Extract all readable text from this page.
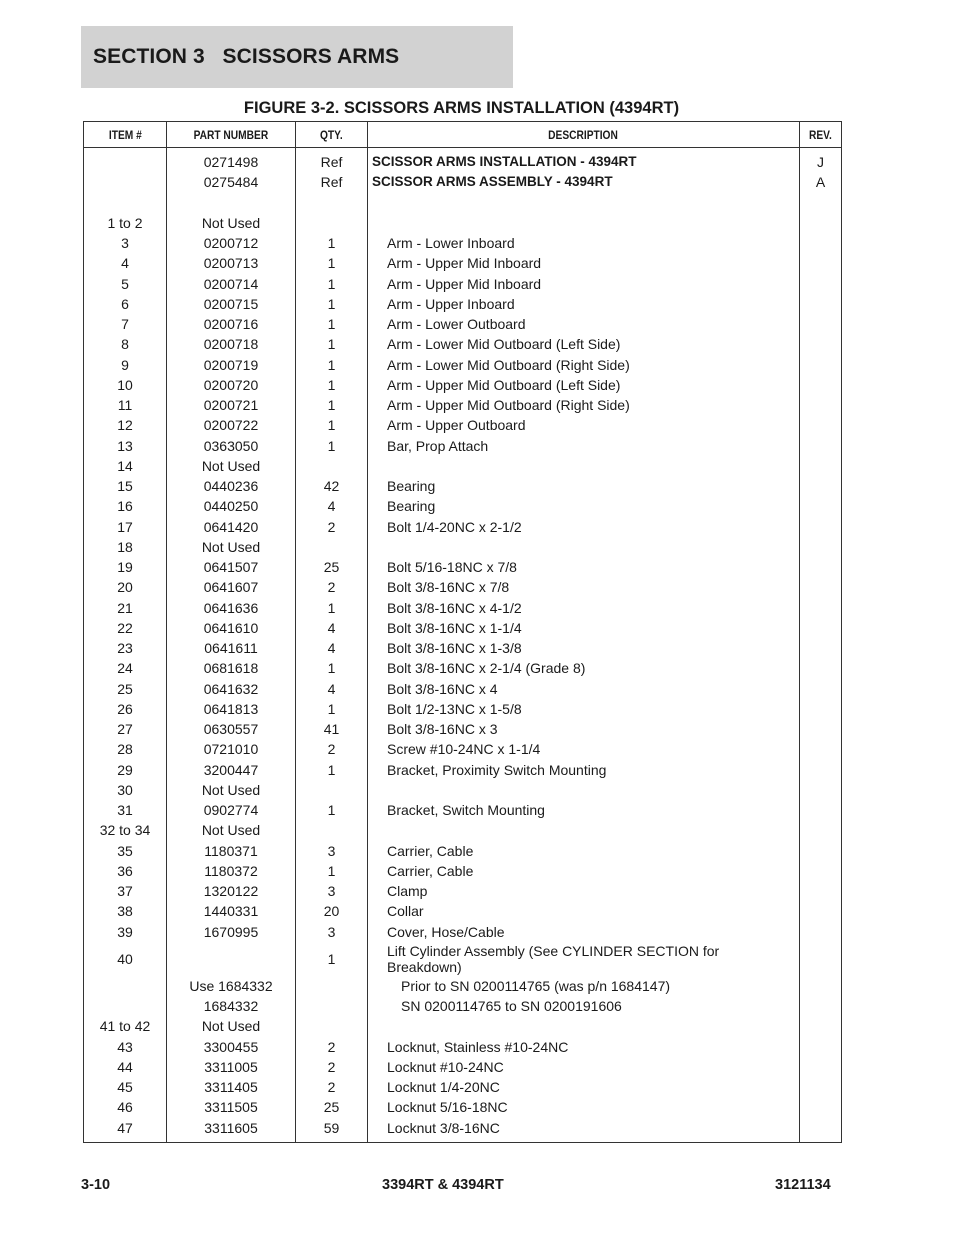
SECTION 3   SCISSORS ARMS
FIGURE 3-2. SCISSORS ARMS INSTALLATION (4394RT)
ITEM #	PART NUMBER	QTY.	DESCRIPTION	REV.
	0271498	Ref	SCISSOR ARMS INSTALLATION - 4394RT	J
	0275484	Ref	SCISSOR ARMS ASSEMBLY - 4394RT	A

1 to 2	Not Used			
3	0200712	1	Arm - Lower Inboard	
4	0200713	1	Arm - Upper Mid Inboard	
5	0200714	1	Arm - Upper Mid Inboard	
6	0200715	1	Arm - Upper Inboard	
7	0200716	1	Arm - Lower Outboard	
8	0200718	1	Arm - Lower Mid Outboard (Left Side)	
9	0200719	1	Arm - Lower Mid Outboard (Right Side)	
10	0200720	1	Arm - Upper Mid Outboard (Left Side)	
11	0200721	1	Arm - Upper Mid Outboard (Right Side)	
12	0200722	1	Arm - Upper Outboard	
13	0363050	1	Bar, Prop Attach	
14	Not Used			
15	0440236	42	Bearing	
16	0440250	4	Bearing	
17	0641420	2	Bolt 1/4-20NC x 2-1/2	
18	Not Used			
19	0641507	25	Bolt 5/16-18NC x 7/8	
20	0641607	2	Bolt 3/8-16NC x 7/8	
21	0641636	1	Bolt 3/8-16NC x 4-1/2	
22	0641610	4	Bolt 3/8-16NC x 1-1/4	
23	0641611	4	Bolt 3/8-16NC x 1-3/8	
24	0681618	1	Bolt 3/8-16NC x 2-1/4 (Grade 8)	
25	0641632	4	Bolt 3/8-16NC x 4	
26	0641813	1	Bolt 1/2-13NC x 1-5/8	
27	0630557	41	Bolt 3/8-16NC x 3	
28	0721010	2	Screw #10-24NC x 1-1/4	
29	3200447	1	Bracket, Proximity Switch Mounting	
30	Not Used			
31	0902774	1	Bracket, Switch Mounting	
32 to 34	Not Used			
35	1180371	3	Carrier, Cable	
36	1180372	1	Carrier, Cable	
37	1320122	3	Clamp	
38	1440331	20	Collar	
39	1670995	3	Cover, Hose/Cable	
40		1	Lift Cylinder Assembly (See CYLINDER SECTION for Breakdown)	
	Use 1684332		Prior to SN 0200114765 (was p/n 1684147)	
	1684332		SN 0200114765 to SN 0200191606	
41 to 42	Not Used			
43	3300455	2	Locknut, Stainless #10-24NC	
44	3311005	2	Locknut #10-24NC	
45	3311405	2	Locknut 1/4-20NC	
46	3311505	25	Locknut 5/16-18NC	
47	3311605	59	Locknut 3/8-16NC	
3-10	3394RT & 4394RT	3121134
